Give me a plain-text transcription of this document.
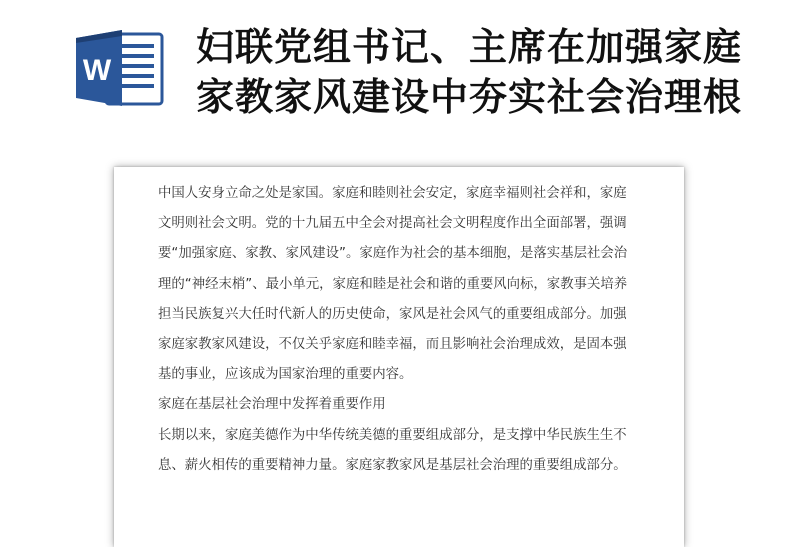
W
妇联党组书记、主席在加强家庭
家教家风建设中夯实社会治理根
中国人安身立命之处是家国。家庭和睦则社会安定，家庭幸福则社会祥和，家庭
文明则社会文明。党的十九届五中全会对提高社会文明程度作出全面部署，强调
要“加强家庭、家教、家风建设”。家庭作为社会的基本细胞，是落实基层社会治
理的“神经末梢”、最小单元，家庭和睦是社会和谐的重要风向标，家教事关培养
担当民族复兴大任时代新人的历史使命，家风是社会风气的重要组成部分。加强
家庭家教家风建设，不仅关乎家庭和睦幸福，而且影响社会治理成效，是固本强
基的事业，应该成为国家治理的重要内容。
家庭在基层社会治理中发挥着重要作用
长期以来，家庭美德作为中华传统美德的重要组成部分，是支撑中华民族生生不
息、薪火相传的重要精神力量。家庭家教家风是基层社会治理的重要组成部分。
